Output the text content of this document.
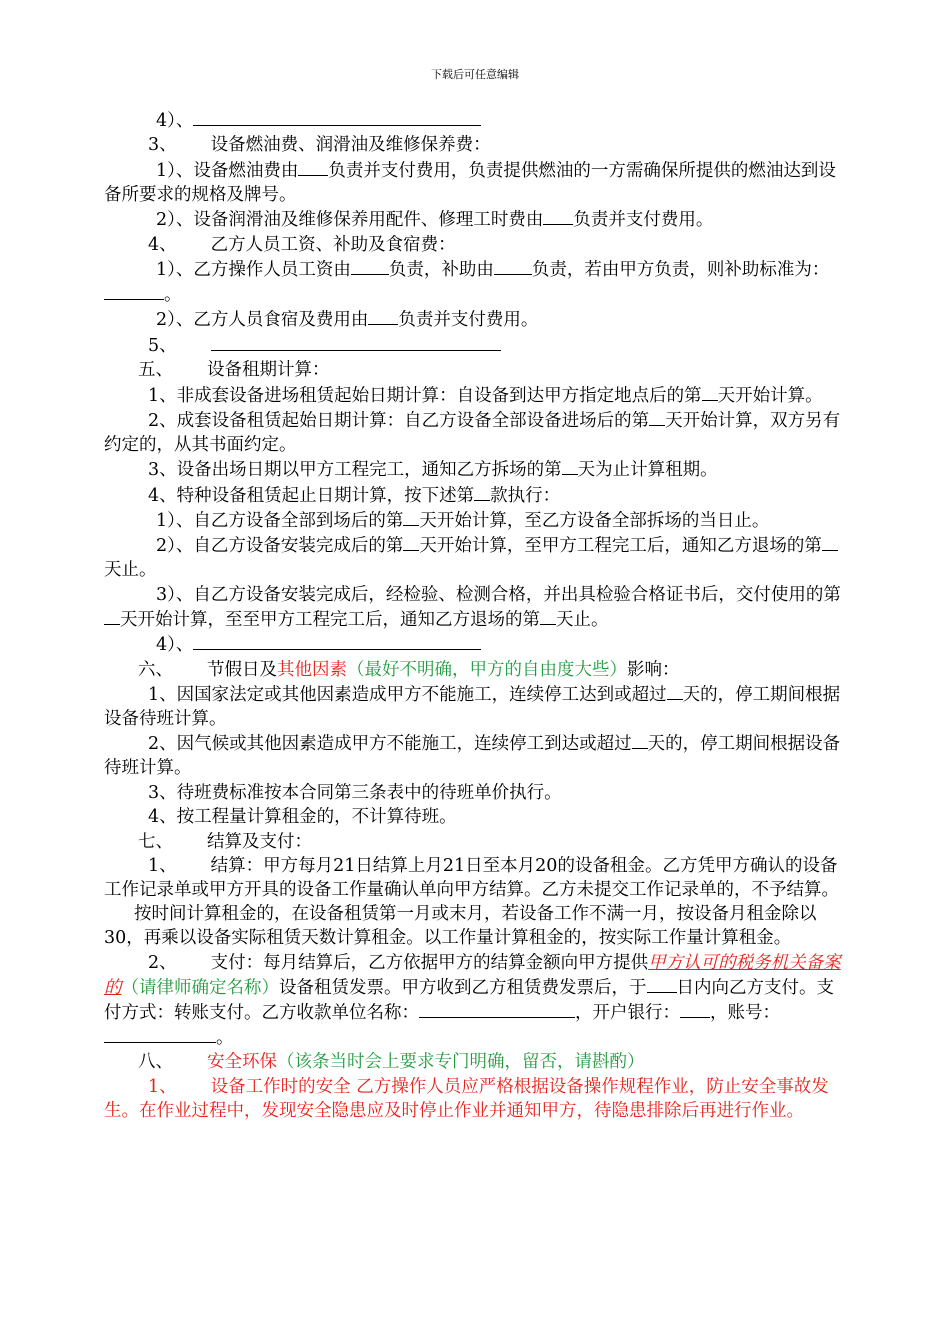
下载后可任意编辑

4）、

3、 设备燃油费、润滑油及维修保养费：

1）、设备燃油费由 负责并支付费用，负责提供燃油的一方需确保所提供的燃油达到设备所要求的规格及牌号。

2）、设备润滑油及维修保养用配件、修理工时费由 负责并支付费用。

4、 乙方人员工资、补助及食宿费：

1）、乙方操作人员工资由 负责，补助由 负责，若由甲方负责，则补助标准为：。

2）、乙方人员食宿及费用由 负责并支付费用。

5、

五、 设备租期计算：

1、非成套设备进场租赁起始日期计算：自设备到达甲方指定地点后的第 天开始计算。

2、成套设备租赁起始日期计算：自乙方设备全部设备进场后的第 天开始计算，双方另有约定的，从其书面约定。

3、设备出场日期以甲方工程完工，通知乙方拆场的第 天为止计算租期。

4、特种设备租赁起止日期计算，按下述第 款执行：

1）、自乙方设备全部到场后的第 天开始计算，至乙方设备全部拆场的当日止。

2）、自乙方设备安装完成后的第 天开始计算，至甲方工程完工后，通知乙方退场的第天止。

3）、自乙方设备安装完成后，经检验、检测合格，并出具检验合格证书后，交付使用的第天开始计算，至至甲方工程完工后，通知乙方退场的第 天止。

4）、

六、 节假日及其他因素（最好不明确，甲方的自由度大些）影响：

1、因国家法定或其他因素造成甲方不能施工，连续停工达到或超过 天的，停工期间根据设备待班计算。

2、因气候或其他因素造成甲方不能施工，连续停工到达或超过 天的，停工期间根据设备待班计算。

3、待班费标准按本合同第三条表中的待班单价执行。

4、按工程量计算租金的，不计算待班。

七、 结算及支付：

1、 结算：甲方每月21日结算上月21日至本月20的设备租金。乙方凭甲方确认的设备工作记录单或甲方开具的设备工作量确认单向甲方结算。乙方未提交工作记录单的，不予结算。

按时间计算租金的，在设备租赁第一月或末月，若设备工作不满一月，按设备月租金除以30，再乘以设备实际租赁天数计算租金。以工作量计算租金的，按实际工作量计算租金。

2、 支付：每月结算后，乙方依据甲方的结算金额向甲方提供甲方认可的税务机关备案的（请律师确定名称）设备租赁发票。甲方收到乙方租赁费发票后，于 日内向乙方支付。支付方式：转账支付。乙方收款单位名称：	，开户银行： ，账号：。

八、 安全环保（该条当时会上要求专门明确，留否，请斟酌）

1、 设备工作时的安全 乙方操作人员应严格根据设备操作规程作业，防止安全事故发生。在作业过程中，发现安全隐患应及时停止作业并通知甲方，待隐患排除后再进行作业。
